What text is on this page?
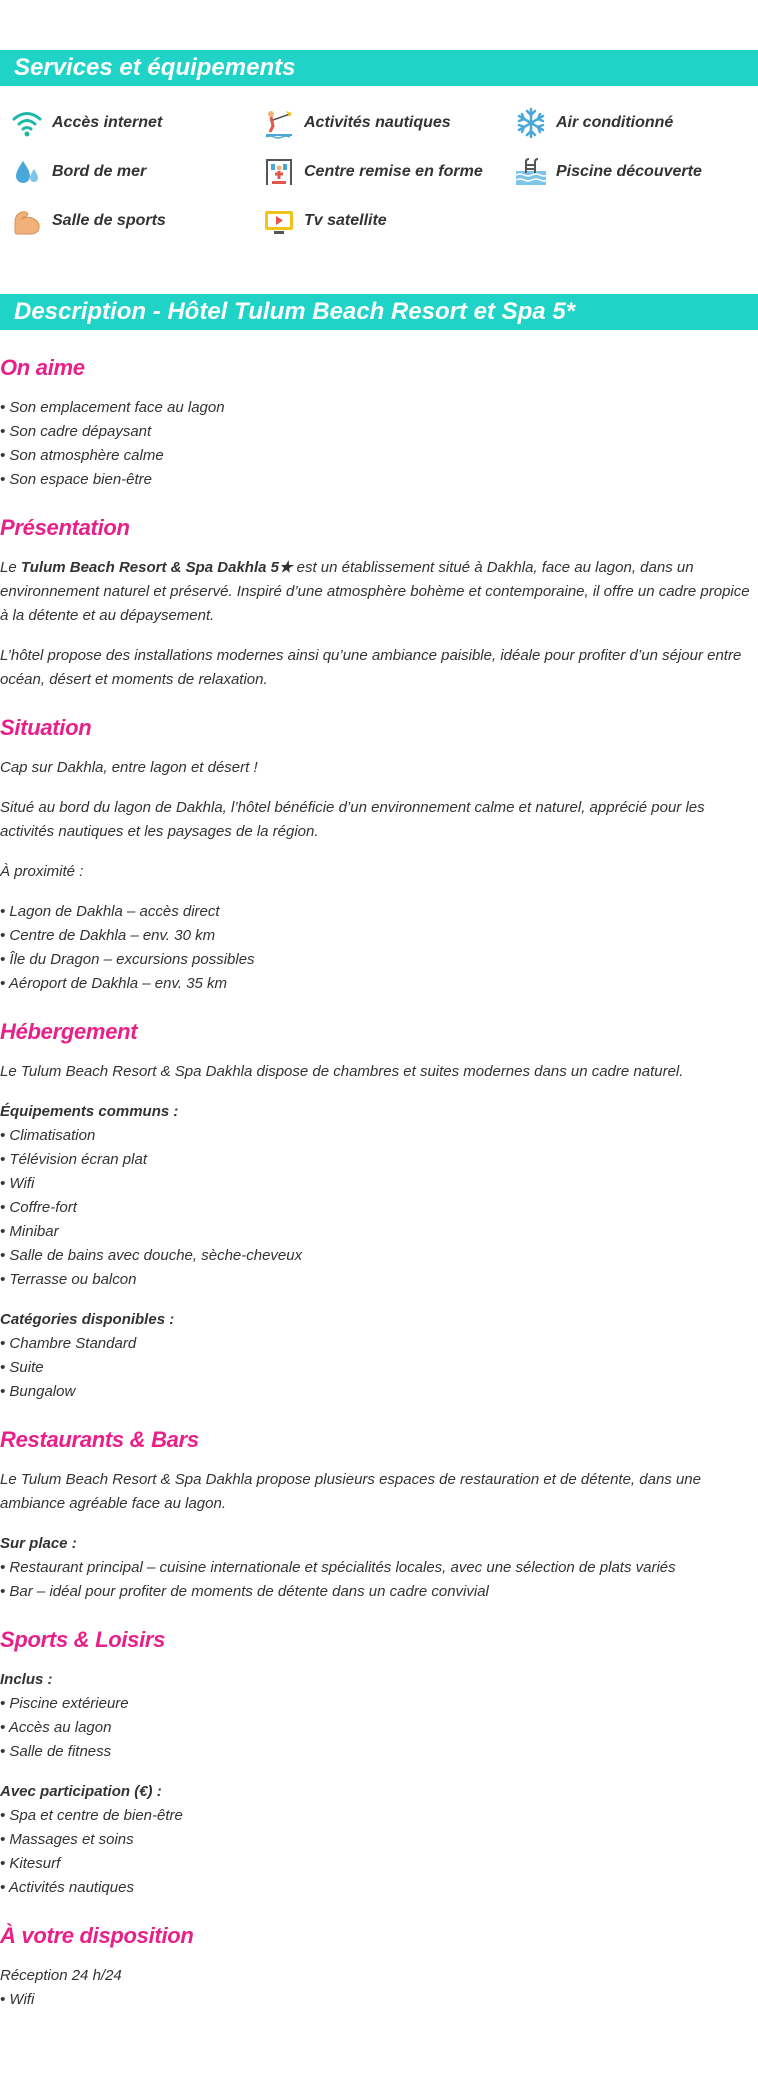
Services et équipements
Accès internet	Activités nautiques	Air conditionné
Bord de mer	Centre remise en forme	Piscine découverte
Salle de sports	Tv satellite
Description - Hôtel Tulum Beach Resort et Spa 5*
On aime
• Son emplacement face au lagon
• Son cadre dépaysant
• Son atmosphère calme
• Son espace bien-être
Présentation

Le Tulum Beach Resort & Spa Dakhla 5★ est un établissement situé à Dakhla, face au lagon, dans un environnement naturel et préservé. Inspiré d’une atmosphère bohème et contemporaine, il offre un cadre propice à la détente et au dépaysement.

L’hôtel propose des installations modernes ainsi qu’une ambiance paisible, idéale pour profiter d’un séjour entre océan, désert et moments de relaxation.

Situation

Cap sur Dakhla, entre lagon et désert !

Situé au bord du lagon de Dakhla, l’hôtel bénéficie d’un environnement calme et naturel, apprécié pour les activités nautiques et les paysages de la région.

À proximité :

• Lagon de Dakhla – accès direct
• Centre de Dakhla – env. 30 km
• Île du Dragon – excursions possibles
• Aéroport de Dakhla – env. 35 km
Hébergement

Le Tulum Beach Resort & Spa Dakhla dispose de chambres et suites modernes dans un cadre naturel.

Équipements communs :
• Climatisation
• Télévision écran plat
• Wifi
• Coffre-fort
• Minibar
• Salle de bains avec douche, sèche-cheveux
• Terrasse ou balcon
Catégories disponibles :
• Chambre Standard
• Suite
• Bungalow
Restaurants & Bars

Le Tulum Beach Resort & Spa Dakhla propose plusieurs espaces de restauration et de détente, dans une ambiance agréable face au lagon.

Sur place :
• Restaurant principal – cuisine internationale et spécialités locales, avec une sélection de plats variés
• Bar – idéal pour profiter de moments de détente dans un cadre convivial
Sports & Loisirs
Inclus :
• Piscine extérieure
• Accès au lagon
• Salle de fitness
Avec participation (€) :
• Spa et centre de bien-être
• Massages et soins
• Kitesurf
• Activités nautiques
À votre disposition
Réception 24 h/24
• Wifi
